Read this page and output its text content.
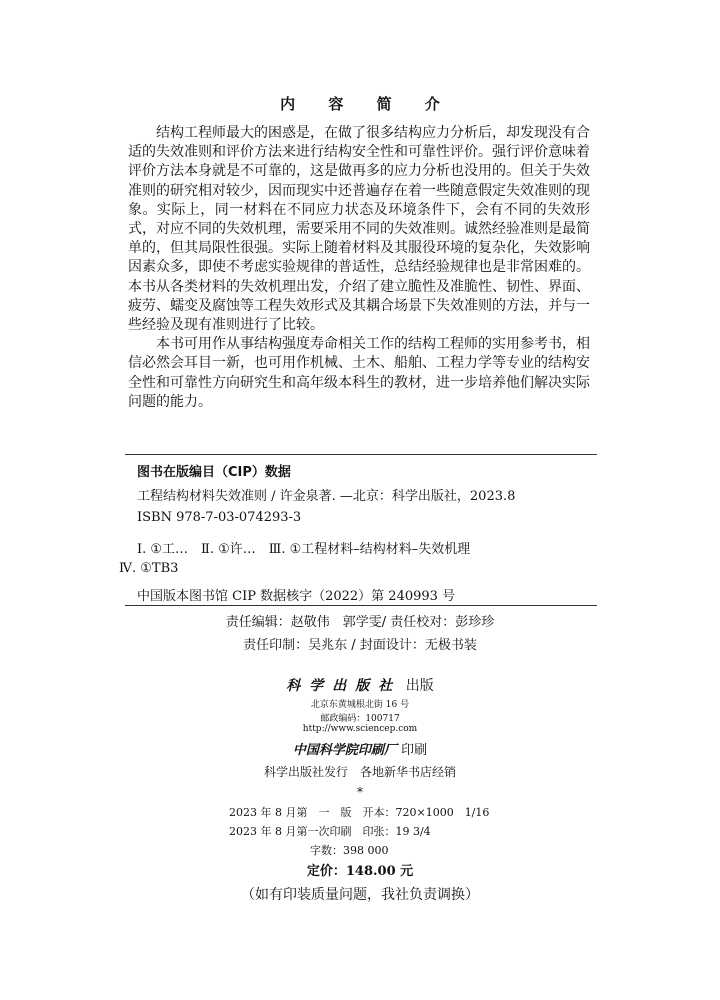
内 容 简 介

结构工程师最大的困惑是，在做了很多结构应力分析后，却发现没有合适的失效准则和评价方法来进行结构安全性和可靠性评价。强行评价意味着评价方法本身就是不可靠的，这是做再多的应力分析也没用的。但关于失效准则的研究相对较少，因而现实中还普遍存在着一些随意假定失效准则的现象。实际上，同一材料在不同应力状态及环境条件下，会有不同的失效形式，对应不同的失效机理，需要采用不同的失效准则。诚然经验准则是最简单的，但其局限性很强。实际上随着材料及其服役环境的复杂化，失效影响因素众多，即使不考虑实验规律的普适性，总结经验规律也是非常困难的。本书从各类材料的失效机理出发，介绍了建立脆性及准脆性、韧性、界面、疲劳、蠕变及腐蚀等工程失效形式及其耦合场景下失效准则的方法，并与一些经验及现有准则进行了比较。

本书可用作从事结构强度寿命相关工作的结构工程师的实用参考书，相信必然会耳目一新，也可用作机械、土木、船舶、工程力学等专业的结构安全性和可靠性方向研究生和高年级本科生的教材，进一步培养他们解决实际问题的能力。

图书在版编目（CIP）数据
工程结构材料失效准则 / 许金泉著. —北京：科学出版社，2023.8
ISBN 978-7-03-074293-3
Ⅰ. ①工…　Ⅱ. ①许…　Ⅲ. ①工程材料–结构材料–失效机理
Ⅳ. ①TB3
中国版本图书馆 CIP 数据核字（2022）第 240993 号
责任编辑：赵敬伟　郭学雯/ 责任校对：彭珍珍
责任印制：吴兆东 / 封面设计：无极书装
科学出版社 出版
北京东黄城根北街 16 号
邮政编码：100717
http://www.sciencep.com
中国科学院印刷厂 印刷
科学出版社发行　各地新华书店经销
*
2023 年 8 月第　一　版　开本：720×1000　1/16
2023 年 8 月第一次印刷　印张：19 3/4
字数：398 000
定价：148.00 元
（如有印装质量问题，我社负责调换）
